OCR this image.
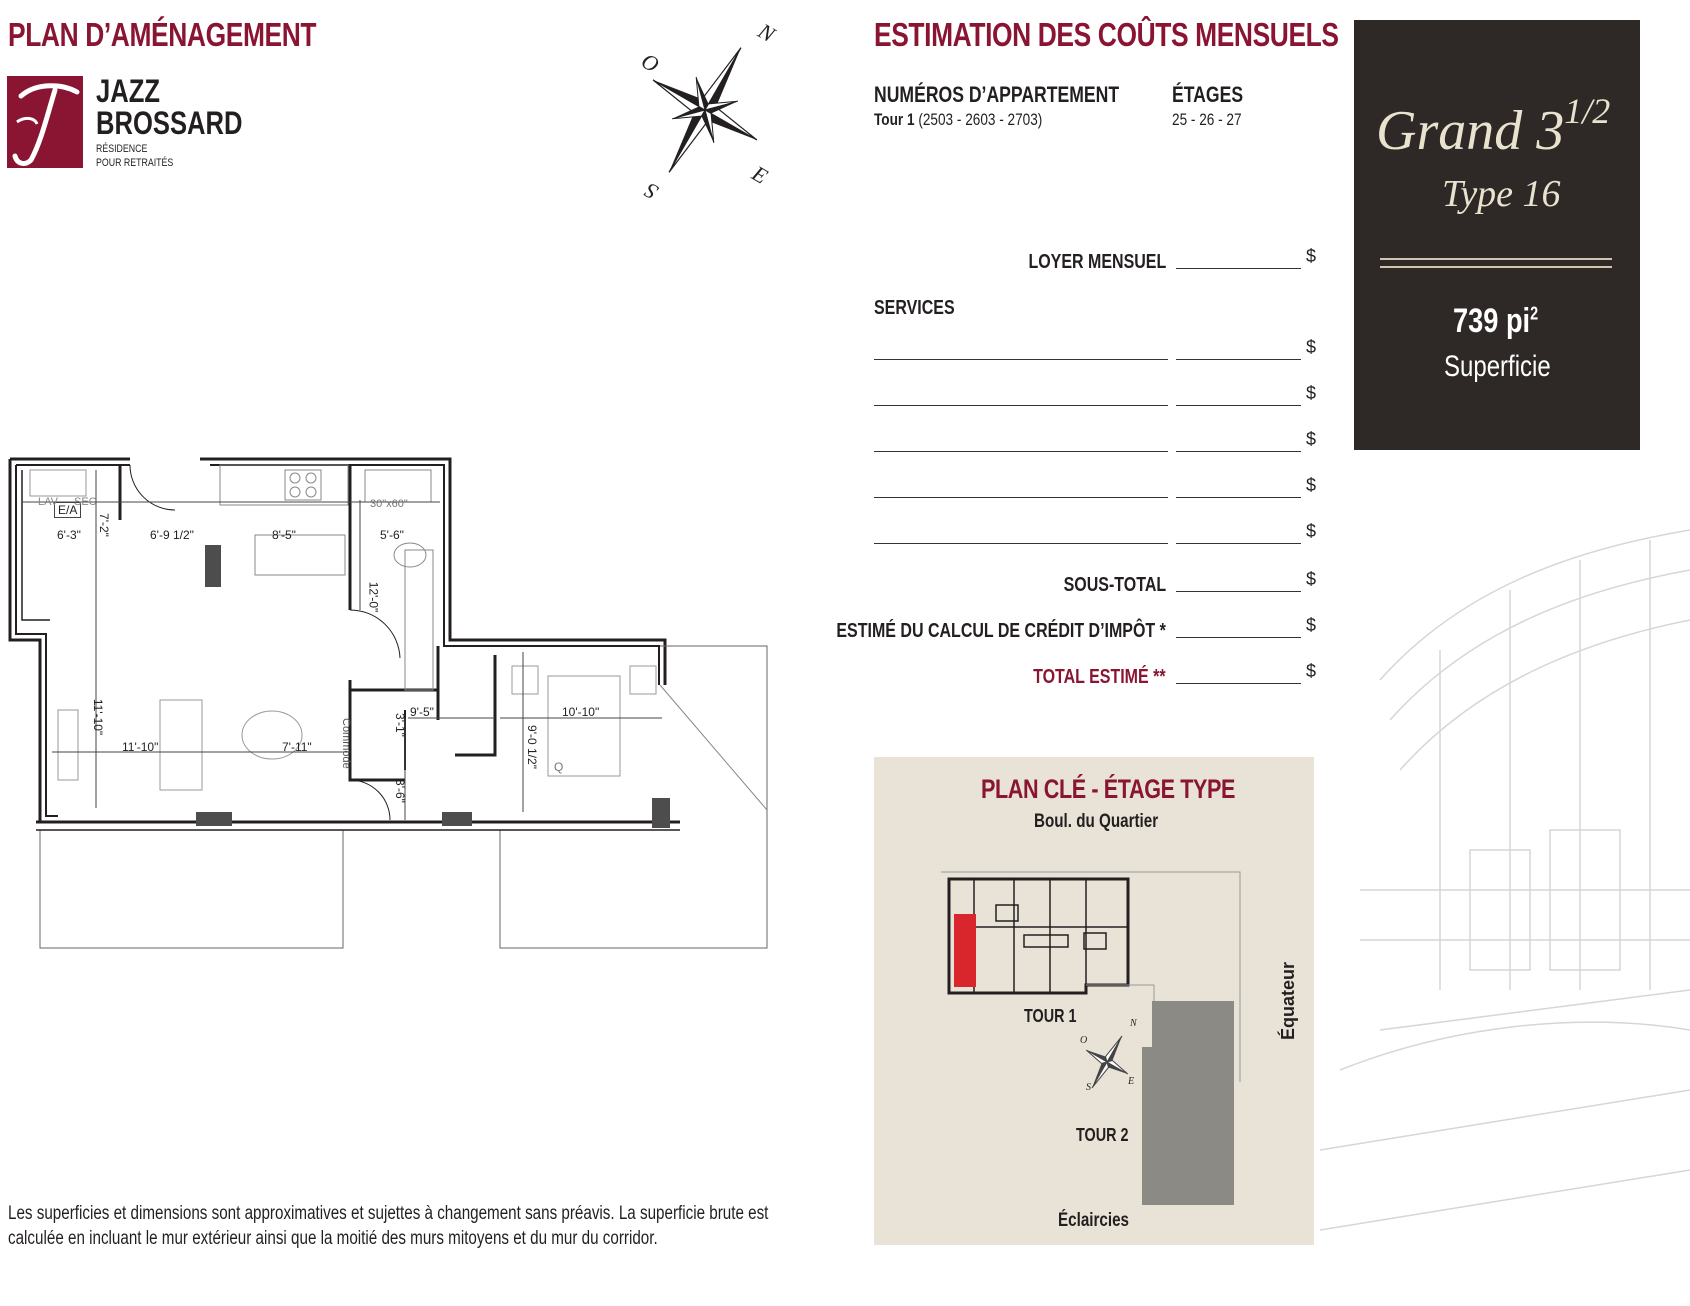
PLAN D’AMÉNAGEMENT
JAZZ
BROSSARD
RÉSIDENCE
POUR RETRAITÉS
N
O
E
S
E/A
LAV SEC	30"x60"
Commode	Q
6'-3" 7'-2"	6'-9 1/2"	8'-5"	5'-6"
12'-0"
11'-10"
11'-10"	7'-11"
9'-5"
3'-1"
3'-6"
10'-10"
9'-0 1/2"
Les superficies et dimensions sont approximatives et sujettes à changement sans préavis. La superficie brute est
calculée en incluant le mur extérieur ainsi que la moitié des murs mitoyens et du mur du corridor.
ESTIMATION DES COÛTS MENSUELS
NUMÉROS D’APPARTEMENT
Tour 1 (2503 - 2603 - 2703)
ÉTAGES
25 - 26 - 27
LOYER MENSUEL	$
SERVICES
$
$
$
$
$
SOUS-TOTAL	$
ESTIMÉ DU CALCUL DE CRÉDIT D’IMPÔT *	$
TOTAL ESTIMÉ **	$
PLAN CLÉ - ÉTAGE TYPE
Boul. du Quartier
TOUR 1
TOUR 2
Éclaircies
Équateur
N
O
E
S
Grand $3^{1/2}$
Type 16
739 $pi^2$
Superficie
